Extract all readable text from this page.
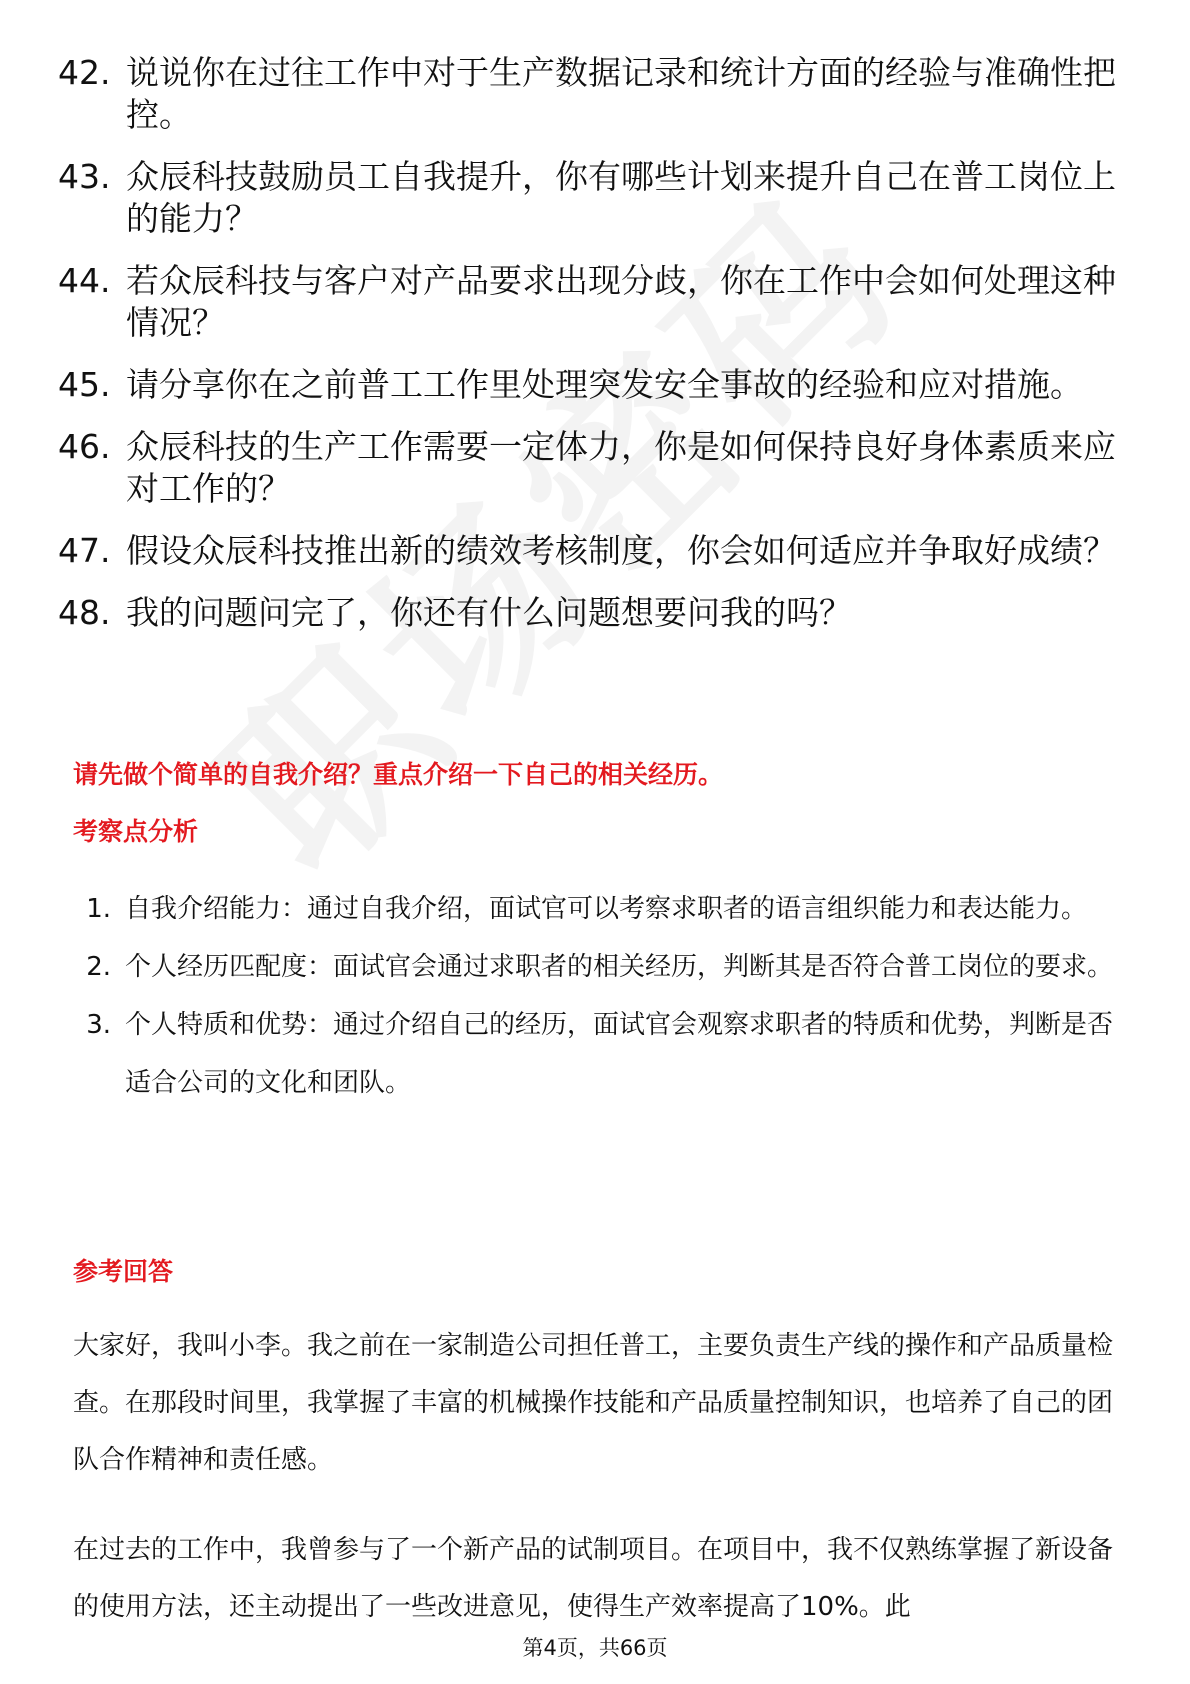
42. 说说你在过往工作中对于生产数据记录和统计方面的经验与准确性把控。
43. 众辰科技鼓励员工自我提升，你有哪些计划来提升自己在普工岗位上的能力？
44. 若众辰科技与客户对产品要求出现分歧，你在工作中会如何处理这种情况？
45. 请分享你在之前普工工作里处理突发安全事故的经验和应对措施。
46. 众辰科技的生产工作需要一定体力，你是如何保持良好身体素质来应对工作的？
47. 假设众辰科技推出新的绩效考核制度，你会如何适应并争取好成绩？
48. 我的问题问完了，你还有什么问题想要问我的吗？
请先做个简单的自我介绍？重点介绍一下自己的相关经历。
考察点分析
1. 自我介绍能力：通过自我介绍，面试官可以考察求职者的语言组织能力和表达能力。
2. 个人经历匹配度：面试官会通过求职者的相关经历，判断其是否符合普工岗位的要求。
3. 个人特质和优势：通过介绍自己的经历，面试官会观察求职者的特质和优势，判断是否适合公司的文化和团队。
参考回答
大家好，我叫小李。我之前在一家制造公司担任普工，主要负责生产线的操作和产品质量检查。在那段时间里，我掌握了丰富的机械操作技能和产品质量控制知识，也培养了自己的团队合作精神和责任感。
在过去的工作中，我曾参与了一个新产品的试制项目。在项目中，我不仅熟练掌握了新设备的使用方法，还主动提出了一些改进意见，使得生产效率提高了10%。此
第4页，共66页
